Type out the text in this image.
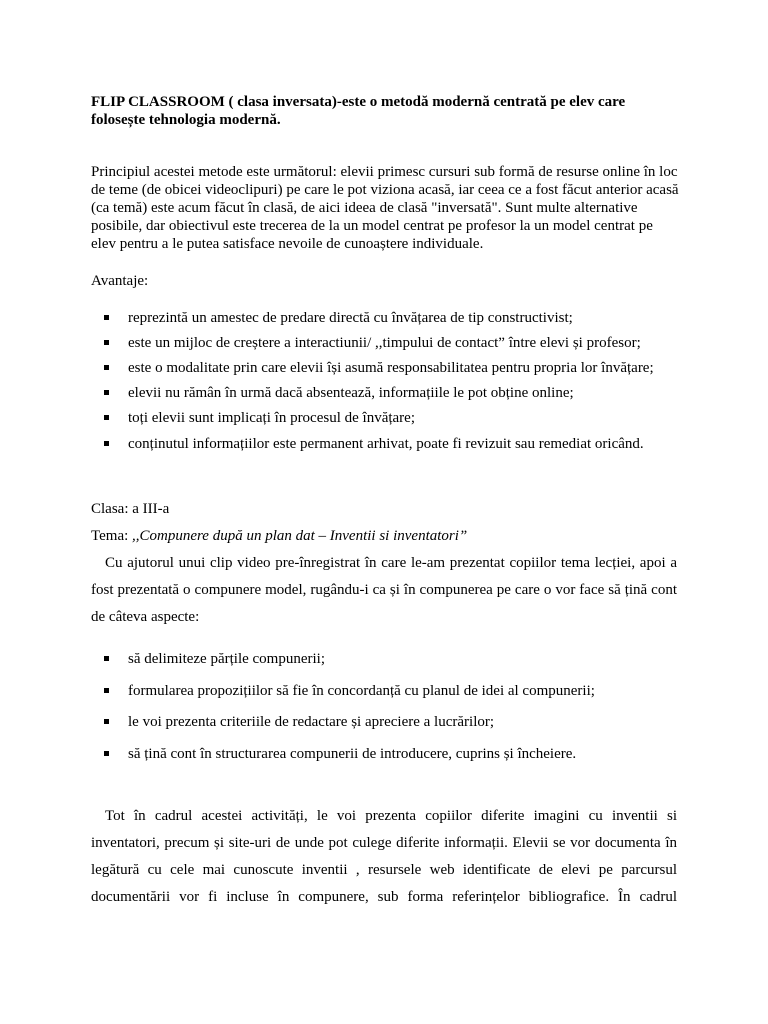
FLIP CLASSROOM ( clasa inversata)-este o metodă modernă centrată pe elev care folosește tehnologia modernă.

Principiul acestei metode este următorul: elevii primesc cursuri sub formă de resurse online în loc de teme (de obicei videoclipuri) pe care le pot viziona acasă, iar ceea ce a fost făcut anterior acasă (ca temă) este acum făcut în clasă, de aici ideea de clasă "inversată". Sunt multe alternative posibile, dar obiectivul este trecerea de la un model centrat pe profesor la un model centrat pe elev pentru a le putea satisface nevoile de cunoaștere individuale.

Avantaje:

reprezintă un amestec de predare directă cu învățarea de tip constructivist;
este un mijloc de creștere a interactiunii/ ,,timpului de contact” între elevi și profesor;
este o modalitate prin care elevii își asumă responsabilitatea pentru propria lor învățare;
elevii nu rămân în urmă dacă absentează, informațiile le pot obține online;
toți elevii sunt implicați în procesul de învățare;
conținutul informațiilor este permanent arhivat, poate fi revizuit sau remediat oricând.

Clasa: a III-a

Tema: ,,Compunere după un plan dat – Inventii si inventatori”

Cu ajutorul unui clip video pre-înregistrat în care le-am prezentat copiilor tema lecției, apoi a

fost prezentată o compunere model, rugându-i ca și în compunerea pe care o vor face să țină cont

de câteva aspecte:

să delimiteze părțile compunerii;
formularea propozițiilor să fie în concordanță cu planul de idei al compunerii;
le voi prezenta criteriile de redactare și apreciere a lucrărilor;
să țină cont în structurarea compunerii de introducere, cuprins și încheiere.

Tot în cadrul acestei activități, le voi prezenta copiilor diferite imagini cu inventii si

inventatori, precum și site-uri de unde pot culege diferite informații. Elevii se vor documenta în

legătură cu cele mai cunoscute inventii , resursele web identificate de elevi pe parcursul

documentării vor fi incluse în compunere, sub forma referințelor bibliografice. În cadrul
